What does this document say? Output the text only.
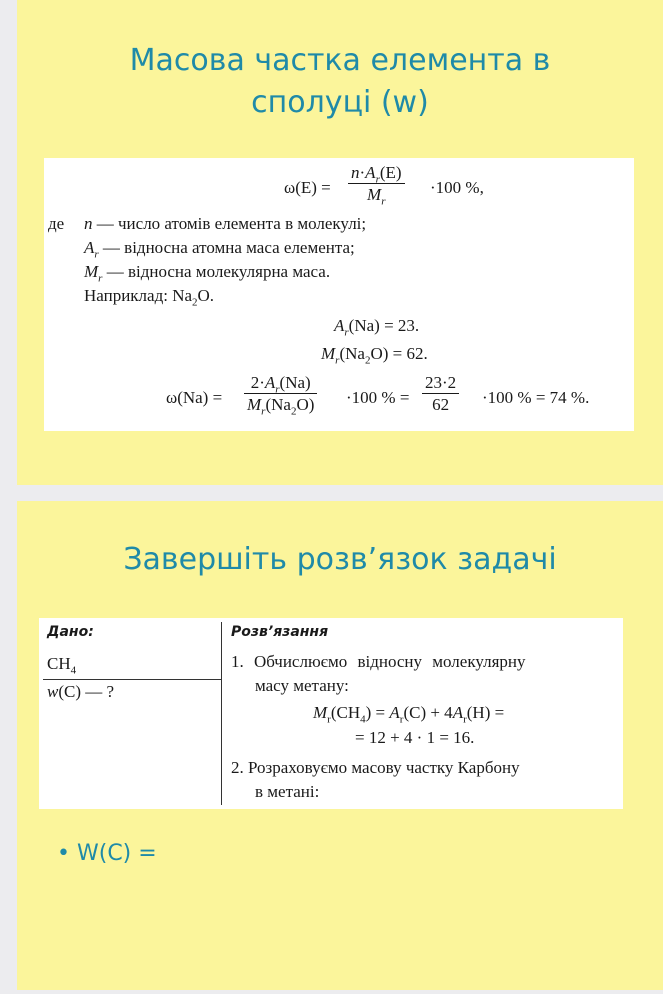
Масова частка елемента в
сполуці (w)
$\omega(E) = \frac{n\cdot A_r(E)}{M_r} \cdot 100$ %,
де n — число атомів елемента в молекулі;
$A_r$ — відносна атомна маса елемента;
$M_r$ — відносна молекулярна маса.
Наприклад: $Na_2O$.
$A_r(Na) = 23$.
$M_r(Na_2O) = 62$.
$\omega(Na) = \frac{2\cdot A_r(Na)}{M_r(Na_2O)} \cdot 100$ % = $\frac{23\cdot 2}{62} \cdot 100$ % = 74 %.
Завершіть розв’язок задачі
Дано:
$CH_4$
w(C) — ?
Розв’язання
1. Обчислюємо відносну молекулярну
масу метану:
$M_r(CH_4) = A_r(C) + 4A_r(H)$ =
= 12 + 4 · 1 = 16.
2. Розраховуємо масову частку Карбону
в метані:
• W(C) =
